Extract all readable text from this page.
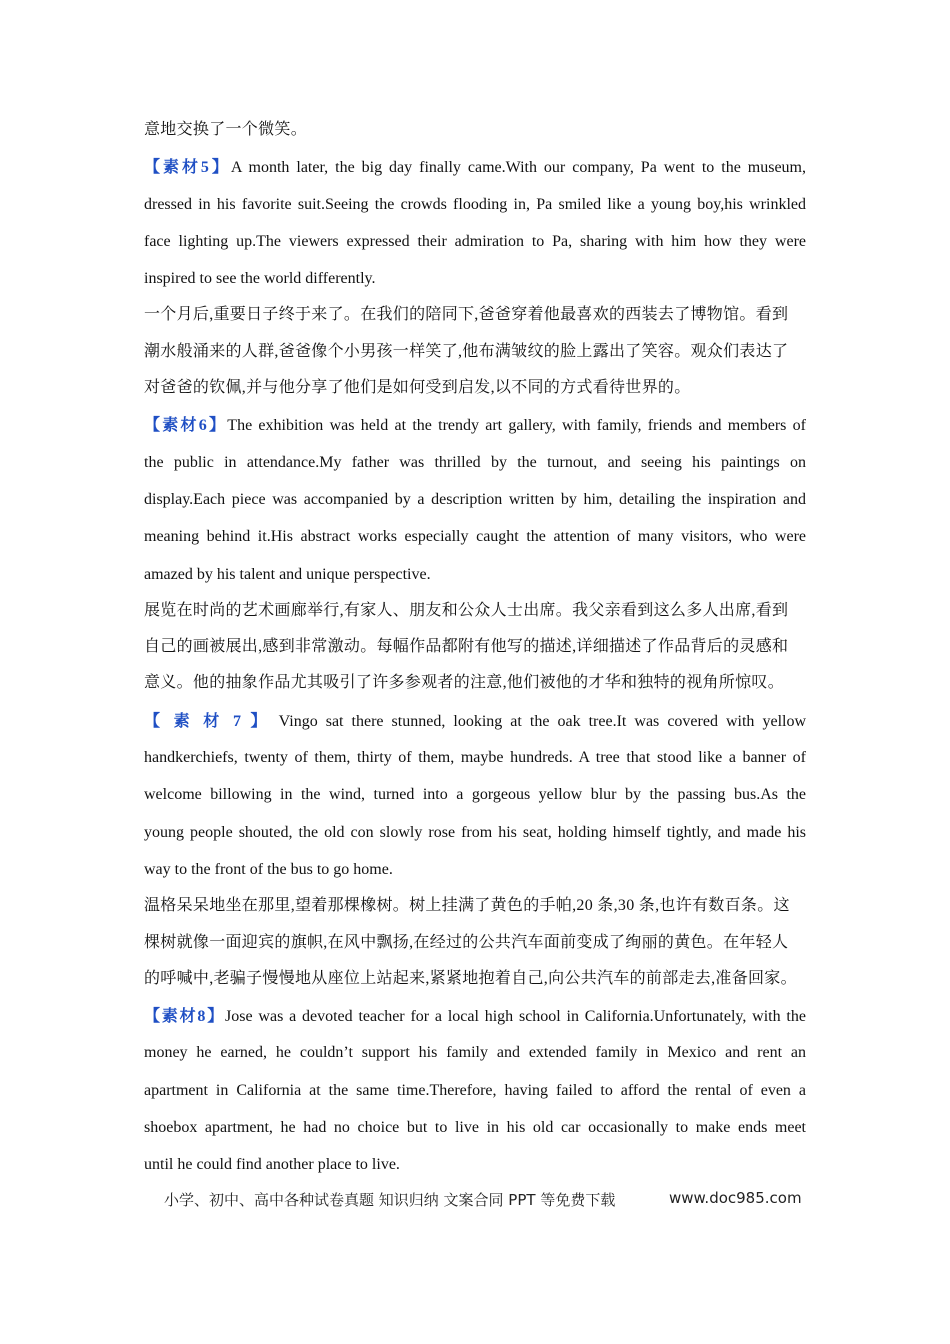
意地交换了一个微笑。
【素材5】A month later, the big day finally came.With our company, Pa went to the museum,
dressed in his favorite suit.Seeing the crowds flooding in, Pa smiled like a young boy,his wrinkled
face lighting up.The viewers expressed their admiration to Pa, sharing with him how they were
inspired to see the world differently.
一个月后,重要日子终于来了。在我们的陪同下,爸爸穿着他最喜欢的西装去了博物馆。看到
潮水般涌来的人群,爸爸像个小男孩一样笑了,他布满皱纹的脸上露出了笑容。观众们表达了
对爸爸的钦佩,并与他分享了他们是如何受到启发,以不同的方式看待世界的。
【素材6】The exhibition was held at the trendy art gallery, with family, friends and members of
the public in attendance.My father was thrilled by the turnout, and seeing his paintings on
display.Each piece was accompanied by a description written by him, detailing the inspiration and
meaning behind it.His abstract works especially caught the attention of many visitors, who were
amazed by his talent and unique perspective.
展览在时尚的艺术画廊举行,有家人、朋友和公众人士出席。我父亲看到这么多人出席,看到
自己的画被展出,感到非常激动。每幅作品都附有他写的描述,详细描述了作品背后的灵感和
意义。他的抽象作品尤其吸引了许多参观者的注意,他们被他的才华和独特的视角所惊叹。
【 素 材 7 】 Vingo sat there stunned, looking at the oak tree.It was covered with yellow
handkerchiefs, twenty of them, thirty of them, maybe hundreds. A tree that stood like a banner of
welcome billowing in the wind, turned into a gorgeous yellow blur by the passing bus.As the
young people shouted, the old con slowly rose from his seat, holding himself tightly, and made his
way to the front of the bus to go home.
温格呆呆地坐在那里,望着那棵橡树。树上挂满了黄色的手帕,20 条,30 条,也许有数百条。这
棵树就像一面迎宾的旗帜,在风中飘扬,在经过的公共汽车面前变成了绚丽的黄色。在年轻人
的呼喊中,老骗子慢慢地从座位上站起来,紧紧地抱着自己,向公共汽车的前部走去,准备回家。
【素材8】Jose was a devoted teacher for a local high school in California.Unfortunately, with the
money he earned, he couldn’t support his family and extended family in Mexico and rent an
apartment in California at the same time.Therefore, having failed to afford the rental of even a
shoebox apartment, he had no choice but to live in his old car occasionally to make ends meet
until he could find another place to live.
小学、初中、高中各种试卷真题 知识归纳 文案合同 PPT 等免费下载	www.doc985.com
